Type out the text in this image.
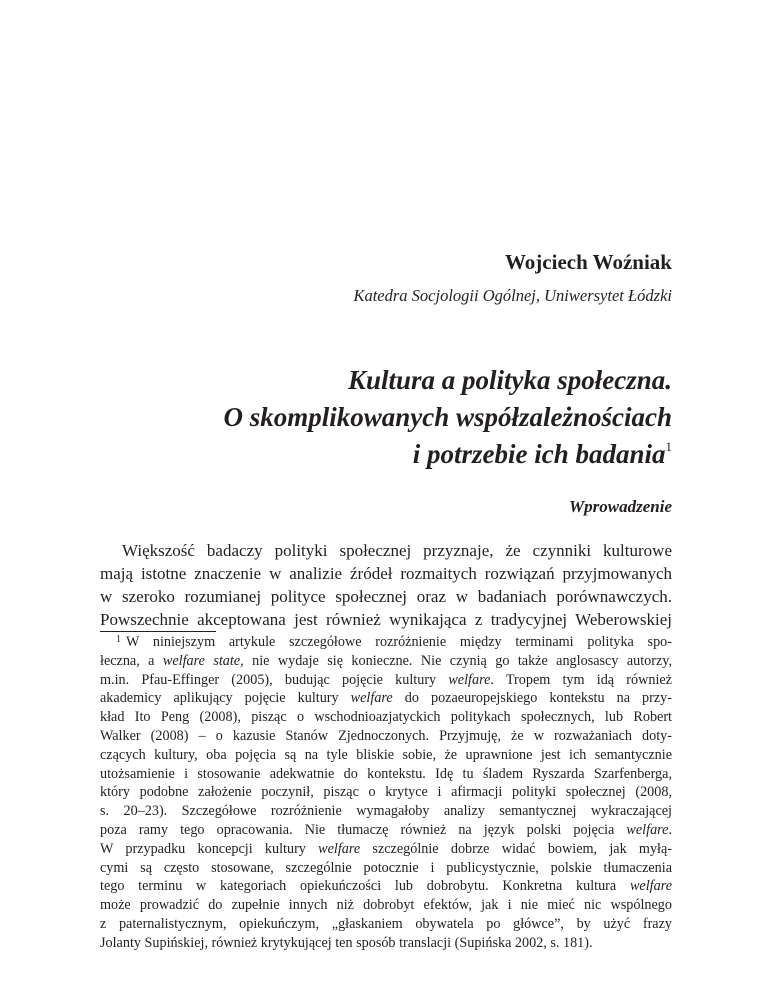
Wojciech Woźniak
Katedra Socjologii Ogólnej, Uniwersytet Łódzki
Kultura a polityka społeczna.
O skomplikowanych współzależnościach
i potrzebie ich badania$^1$
Wprowadzenie
Większość badaczy polityki społecznej przyznaje, że czynniki kulturowe
mają istotne znaczenie w analizie źródeł rozmaitych rozwiązań przyjmowanych
w szeroko rozumianej polityce społecznej oraz w badaniach porównawczych.
Powszechnie akceptowana jest również wynikająca z tradycyjnej Weberowskiej
$^1$ W niniejszym artykule szczegółowe rozróżnienie między terminami polityka spo-
łeczna, a welfare state, nie wydaje się konieczne. Nie czynią go także anglosascy autorzy,
m.in. Pfau-Effinger (2005), budując pojęcie kultury welfare. Tropem tym idą również
akademicy aplikujący pojęcie kultury welfare do pozaeuropejskiego kontekstu na przy-
kład Ito Peng (2008), pisząc o wschodnioazjatyckich politykach społecznych, lub Robert
Walker (2008) – o kazusie Stanów Zjednoczonych. Przyjmuję, że w rozważaniach doty-
czących kultury, oba pojęcia są na tyle bliskie sobie, że uprawnione jest ich semantycznie
utożsamienie i stosowanie adekwatnie do kontekstu. Idę tu śladem Ryszarda Szarfenberga,
który podobne założenie poczynił, pisząc o krytyce i afirmacji polityki społecznej (2008,
s. 20–23). Szczegółowe rozróżnienie wymagałoby analizy semantycznej wykraczającej
poza ramy tego opracowania. Nie tłumaczę również na język polski pojęcia welfare.
W przypadku koncepcji kultury welfare szczególnie dobrze widać bowiem, jak myłą-
cymi są często stosowane, szczególnie potocznie i publicystycznie, polskie tłumaczenia
tego terminu w kategoriach opiekuńczości lub dobrobytu. Konkretna kultura welfare
może prowadzić do zupełnie innych niż dobrobyt efektów, jak i nie mieć nic wspólnego
z paternalistycznym, opiekuńczym, „głaskaniem obywatela po główce”, by użyć frazy
Jolanty Supińskiej, również krytykującej ten sposób translacji (Supińska 2002, s. 181).
